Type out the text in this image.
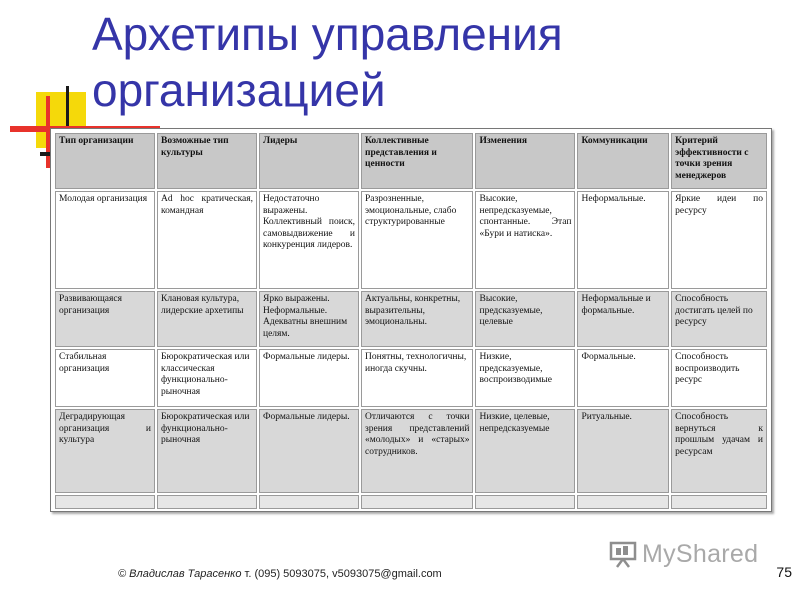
Архетипы управления
организацией
Тип организации	Возможные тип культуры	Лидеры	Коллективные представления и ценности	Изменения	Коммуникации	Критерий эффективности с точки зрения менеджеров
Молодая организация	Ad hoc кратическая, командная	Недостаточно выражены. Коллективный поиск, самовыдвижение и конкуренция лидеров.	Разрозненные, эмоциональные, слабо структурированные	Высокие, непредсказуемые, спонтанные. Этап «Бури и натиска».	Неформальные.	Яркие идеи по ресурсу
Развивающаяся организация	Клановая культура, лидерские архетипы	Ярко выражены. Неформальные. Адекватны внешним целям.	Актуальны, конкретны, выразительны, эмоциональны.	Высокие, предсказуемые, целевые	Неформальные и формальные.	Способность достигать целей по ресурсу
Стабильная организация	Бюрократическая или классическая функционально-рыночная	Формальные лидеры.	Понятны, технологичны, иногда скучны.	Низкие, предсказуемые, воспроизводимые	Формальные.	Способность воспроизводить ресурс
Деградирующая организация и культура	Бюрократическая или функционально-рыночная	Формальные лидеры.	Отличаются с точки зрения представлений «молодых» и «старых» сотрудников.	Низкие, целевые, непредсказуемые	Ритуальные.	Способность вернуться к прошлым удачам и ресурсам

© Владислав Тарасенко т. (095) 5093075, v5093075@gmail.com
MyShared
75
